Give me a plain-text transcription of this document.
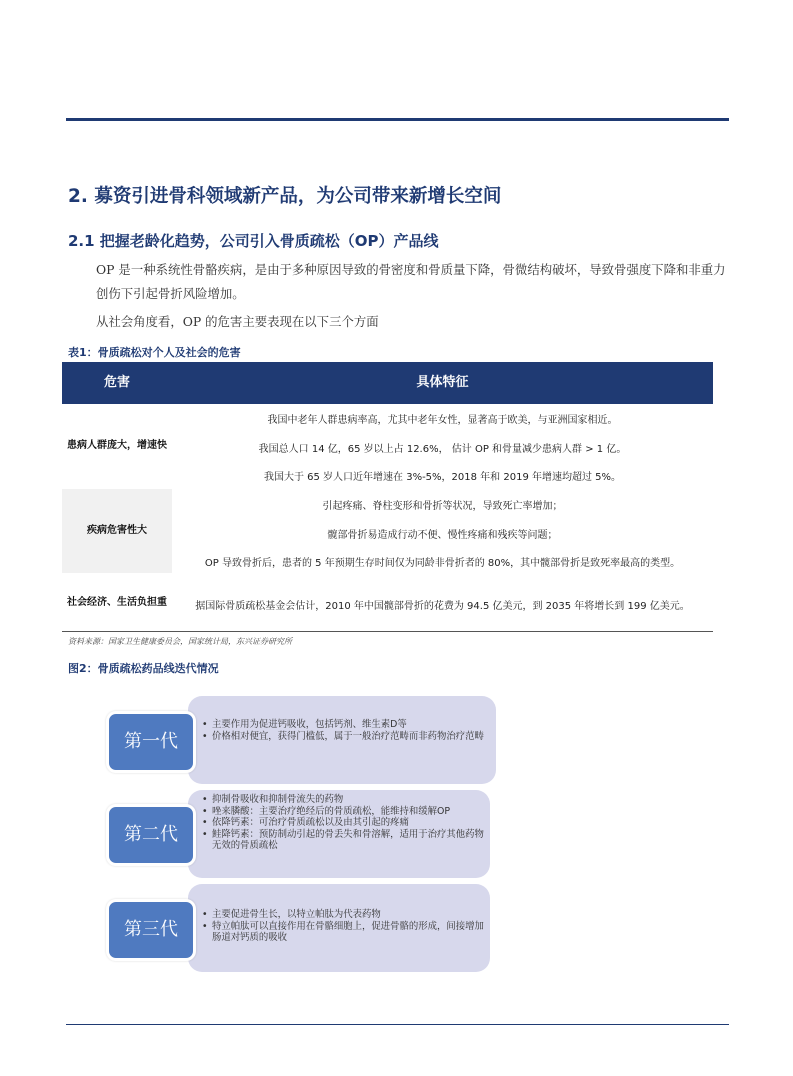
2. 募资引进骨科领域新产品，为公司带来新增长空间
2.1 把握老龄化趋势，公司引入骨质疏松（OP）产品线
OP 是一种系统性骨骼疾病，是由于多种原因导致的骨密度和骨质量下降，骨微结构破坏，导致骨强度下降和非重力创伤下引起骨折风险增加。
从社会角度看，OP 的危害主要表现在以下三个方面
表1：骨质疏松对个人及社会的危害
危害	具体特征
患病人群庞大，增速快
我国中老年人群患病率高，尤其中老年女性，显著高于欧美，与亚洲国家相近。
我国总人口 14 亿，65 岁以上占 12.6%， 估计 OP 和骨量减少患病人群 > 1 亿。
我国大于 65 岁人口近年增速在 3%-5%，2018 年和 2019 年增速均超过 5%。
疾病危害性大
引起疼痛、脊柱变形和骨折等状况，导致死亡率增加；
髋部骨折易造成行动不便、慢性疼痛和残疾等问题；
OP 导致骨折后，患者的 5 年预期生存时间仅为同龄非骨折者的 80%，其中髋部骨折是致死率最高的类型。
社会经济、生活负担重	据国际骨质疏松基金会估计，2010 年中国髋部骨折的花费为 94.5 亿美元，到 2035 年将增长到 199 亿美元。
资料来源：国家卫生健康委员会，国家统计局，东兴证券研究所
图2：骨质疏松药品线迭代情况
第一代
• 主要作用为促进钙吸收，包括钙剂、维生素D等
• 价格相对便宜，获得门槛低，属于一般治疗范畴而非药物治疗范畴
第二代
• 抑制骨吸收和抑制骨流失的药物
• 唑来膦酸：主要治疗绝经后的骨质疏松，能维持和缓解OP
• 依降钙素：可治疗骨质疏松以及由其引起的疼痛
• 鲑降钙素：预防制动引起的骨丢失和骨溶解，适用于治疗其他药物无效的骨质疏松
第三代
• 主要促进骨生长，以特立帕肽为代表药物
• 特立帕肽可以直接作用在骨骼细胞上，促进骨骼的形成，间接增加肠道对钙质的吸收
